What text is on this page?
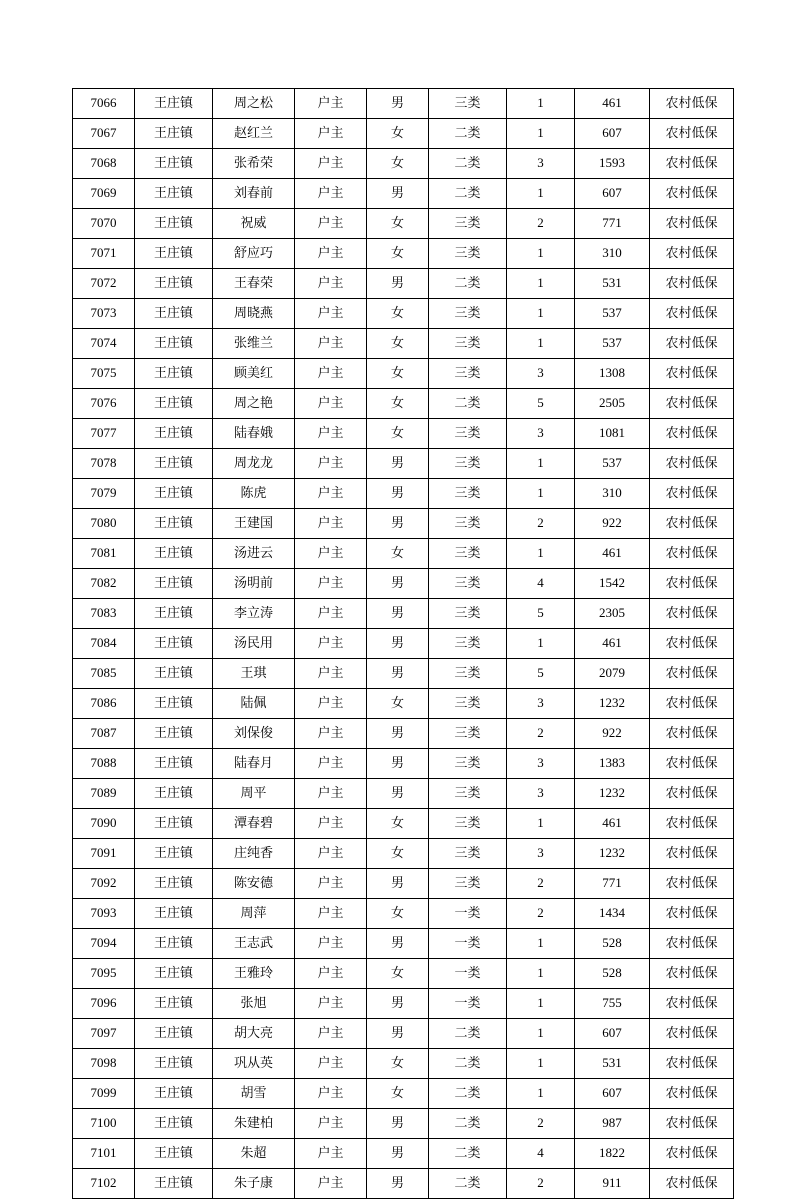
7066	王庄镇	周之松	户主	男	三类	1	461	农村低保
7067	王庄镇	赵红兰	户主	女	二类	1	607	农村低保
7068	王庄镇	张希荣	户主	女	二类	3	1593	农村低保
7069	王庄镇	刘春前	户主	男	二类	1	607	农村低保
7070	王庄镇	祝威	户主	女	三类	2	771	农村低保
7071	王庄镇	舒应巧	户主	女	三类	1	310	农村低保
7072	王庄镇	王春荣	户主	男	二类	1	531	农村低保
7073	王庄镇	周晓燕	户主	女	三类	1	537	农村低保
7074	王庄镇	张维兰	户主	女	三类	1	537	农村低保
7075	王庄镇	顾美红	户主	女	三类	3	1308	农村低保
7076	王庄镇	周之艳	户主	女	二类	5	2505	农村低保
7077	王庄镇	陆春娥	户主	女	三类	3	1081	农村低保
7078	王庄镇	周龙龙	户主	男	三类	1	537	农村低保
7079	王庄镇	陈虎	户主	男	三类	1	310	农村低保
7080	王庄镇	王建国	户主	男	三类	2	922	农村低保
7081	王庄镇	汤进云	户主	女	三类	1	461	农村低保
7082	王庄镇	汤明前	户主	男	三类	4	1542	农村低保
7083	王庄镇	李立涛	户主	男	三类	5	2305	农村低保
7084	王庄镇	汤民用	户主	男	三类	1	461	农村低保
7085	王庄镇	王琪	户主	男	三类	5	2079	农村低保
7086	王庄镇	陆佩	户主	女	三类	3	1232	农村低保
7087	王庄镇	刘保俊	户主	男	三类	2	922	农村低保
7088	王庄镇	陆春月	户主	男	三类	3	1383	农村低保
7089	王庄镇	周平	户主	男	三类	3	1232	农村低保
7090	王庄镇	潭春碧	户主	女	三类	1	461	农村低保
7091	王庄镇	庄纯香	户主	女	三类	3	1232	农村低保
7092	王庄镇	陈安德	户主	男	三类	2	771	农村低保
7093	王庄镇	周萍	户主	女	一类	2	1434	农村低保
7094	王庄镇	王志武	户主	男	一类	1	528	农村低保
7095	王庄镇	王雅玲	户主	女	一类	1	528	农村低保
7096	王庄镇	张旭	户主	男	一类	1	755	农村低保
7097	王庄镇	胡大亮	户主	男	二类	1	607	农村低保
7098	王庄镇	巩从英	户主	女	二类	1	531	农村低保
7099	王庄镇	胡雪	户主	女	二类	1	607	农村低保
7100	王庄镇	朱建柏	户主	男	二类	2	987	农村低保
7101	王庄镇	朱超	户主	男	二类	4	1822	农村低保
7102	王庄镇	朱子康	户主	男	二类	2	911	农村低保
